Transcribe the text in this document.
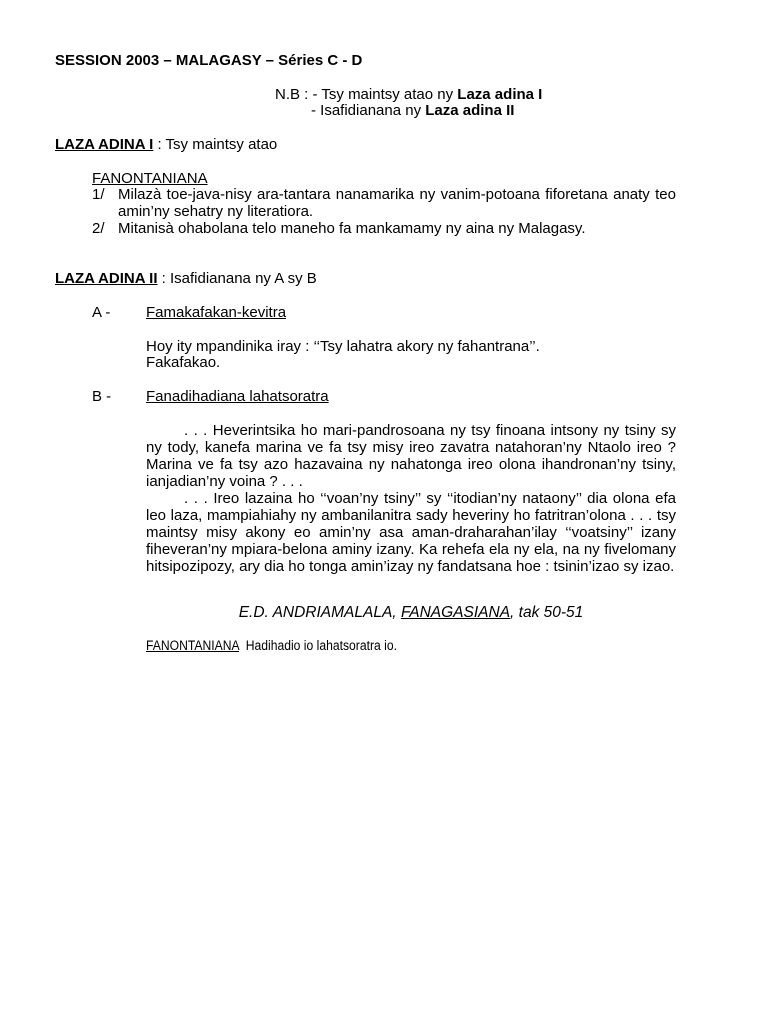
SESSION 2003 – MALAGASY – Séries C - D
N.B : - Tsy maintsy atao ny Laza adina I
- Isafidianana ny Laza adina II
LAZA ADINA I : Tsy maintsy atao
FANONTANIANA
1/ Milazà toe-java-nisy ara-tantara nanamarika ny vanim-potoana fiforetana anaty teo amin’ny sehatry ny literatiora.
2/ Mitanisà ohabolana telo maneho fa mankamamy ny aina ny Malagasy.
LAZA ADINA II : Isafidianana ny A sy B
A - Famakafakan-kevitra
Hoy ity mpandinika iray : ‘‘Tsy lahatra akory ny fahantrana’’.
Fakafakao.
B - Fanadihadiana lahatsoratra

. . . Heverintsika ho mari-pandrosoana ny tsy finoana intsony ny tsiny sy ny tody, kanefa marina ve fa tsy misy ireo zavatra natahoran’ny Ntaolo ireo ? Marina ve fa tsy azo hazavaina ny nahatonga ireo olona ihandronan’ny tsiny, ianjadian’ny voina ? . . .

. . . Ireo lazaina ho ‘‘voan’ny tsiny’’ sy ‘‘itodian’ny nataony’’ dia olona efa leo laza, mampiahiahy ny ambanilanitra sady heveriny ho fatritran’olona . . . tsy maintsy misy akony eo amin’ny asa aman-draharahan’ilay ‘‘voatsiny’’ izany fiheveran’ny mpiara-belona aminy izany. Ka rehefa ela ny ela, na ny fivelomany hitsipozipozy, ary dia ho tonga amin’izay ny fandatsana hoe : tsinin’izao sy izao.

E.D. ANDRIAMALALA, FANAGASIANA, tak 50-51
FANONTANIANA  Hadihadio io lahatsoratra io.
